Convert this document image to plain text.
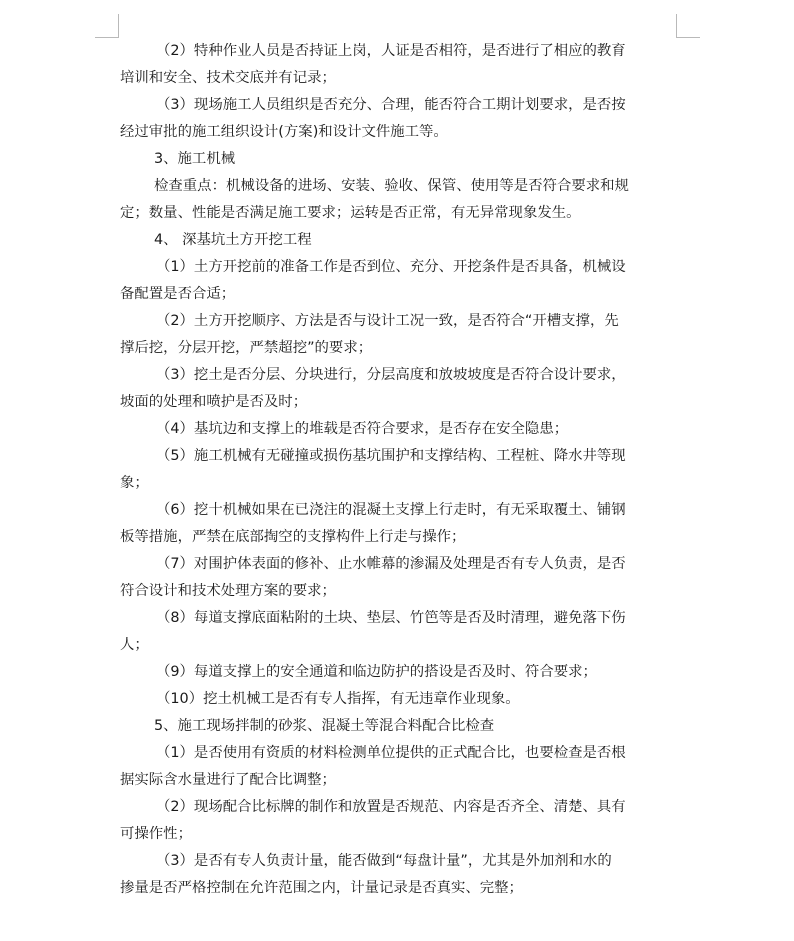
（2）特种作业人员是否持证上岗，人证是否相符，是否进行了相应的教育
培训和安全、技术交底并有记录；
（3）现场施工人员组织是否充分、合理，能否符合工期计划要求，是否按
经过审批的施工组织设计(方案)和设计文件施工等。
3、施工机械
检查重点：机械设备的进场、安装、验收、保管、使用等是否符合要求和规
定；数量、性能是否满足施工要求；运转是否正常，有无异常现象发生。
4、 深基坑土方开挖工程
（1）土方开挖前的准备工作是否到位、充分、开挖条件是否具备，机械设
备配置是否合适；
（2）土方开挖顺序、方法是否与设计工况一致，是否符合“开槽支撑，先
撑后挖，分层开挖，严禁超挖”的要求；
（3）挖土是否分层、分块进行，分层高度和放坡坡度是否符合设计要求，
坡面的处理和喷护是否及时；
（4）基坑边和支撑上的堆载是否符合要求，是否存在安全隐患；
（5）施工机械有无碰撞或损伤基坑围护和支撑结构、工程桩、降水井等现
象；
（6）挖十机械如果在已浇注的混凝土支撑上行走时，有无采取覆土、铺钢
板等措施，严禁在底部掏空的支撑构件上行走与操作；
（7）对围护体表面的修补、止水帷幕的渗漏及处理是否有专人负责，是否
符合设计和技术处理方案的要求；
（8）每道支撑底面粘附的土块、垫层、竹笆等是否及时清理，避免落下伤
人；
（9）每道支撑上的安全通道和临边防护的搭设是否及时、符合要求；
（10）挖土机械工是否有专人指挥，有无违章作业现象。
5、施工现场拌制的砂浆、混凝土等混合料配合比检查
（1）是否使用有资质的材料检测单位提供的正式配合比，也要检查是否根
据实际含水量进行了配合比调整；
（2）现场配合比标牌的制作和放置是否规范、内容是否齐全、清楚、具有
可操作性；
（3）是否有专人负责计量，能否做到“每盘计量”，尤其是外加剂和水的
掺量是否严格控制在允许范围之内，计量记录是否真实、完整；
